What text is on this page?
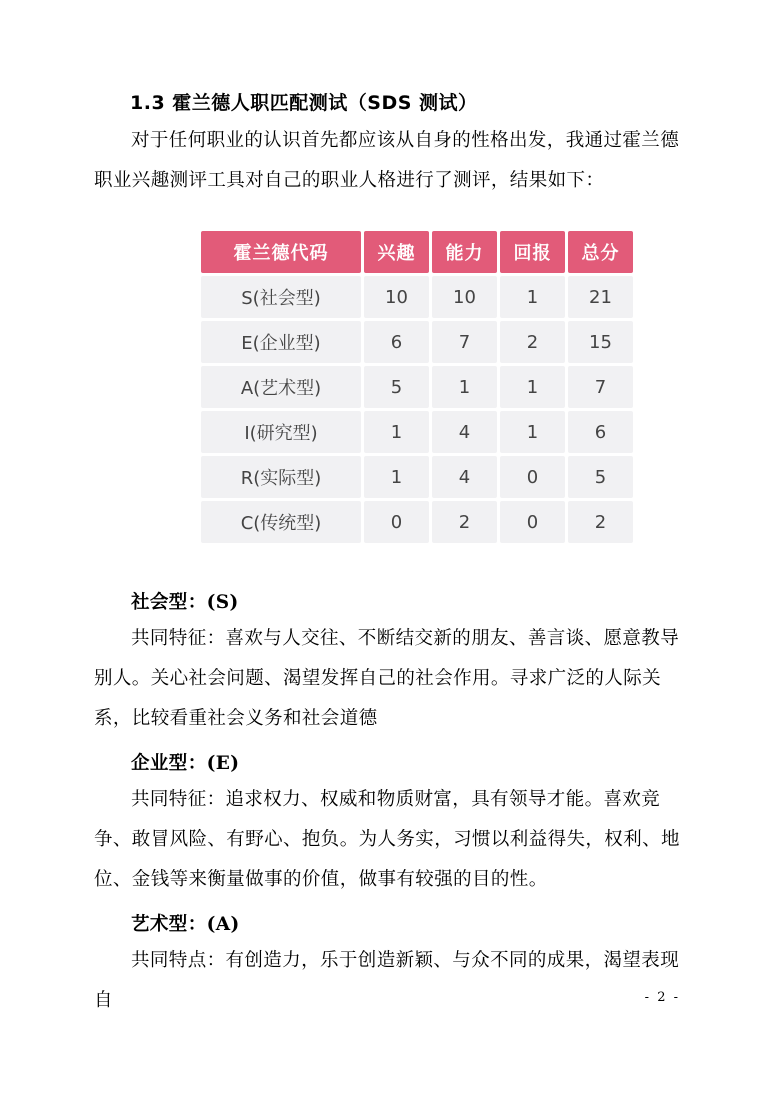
1.3 霍兰德人职匹配测试（SDS 测试）
对于任何职业的认识首先都应该从自身的性格出发，我通过霍兰德职业兴趣测评工具对自己的职业人格进行了测评，结果如下：
霍兰德代码	兴趣	能力	回报	总分
S(社会型)	10	10	1	21
E(企业型)	6	7	2	15
A(艺术型)	5	1	1	7
I(研究型)	1	4	1	6
R(实际型)	1	4	0	5
C(传统型)	0	2	0	2
社会型：(S)
共同特征：喜欢与人交往、不断结交新的朋友、善言谈、愿意教导别人。关心社会问题、渴望发挥自己的社会作用。寻求广泛的人际关系，比较看重社会义务和社会道德
企业型：(E)
共同特征：追求权力、权威和物质财富，具有领导才能。喜欢竞争、敢冒风险、有野心、抱负。为人务实，习惯以利益得失，权利、地位、金钱等来衡量做事的价值，做事有较强的目的性。
艺术型：(A)
共同特点：有创造力，乐于创造新颖、与众不同的成果，渴望表现自	- 2 -
